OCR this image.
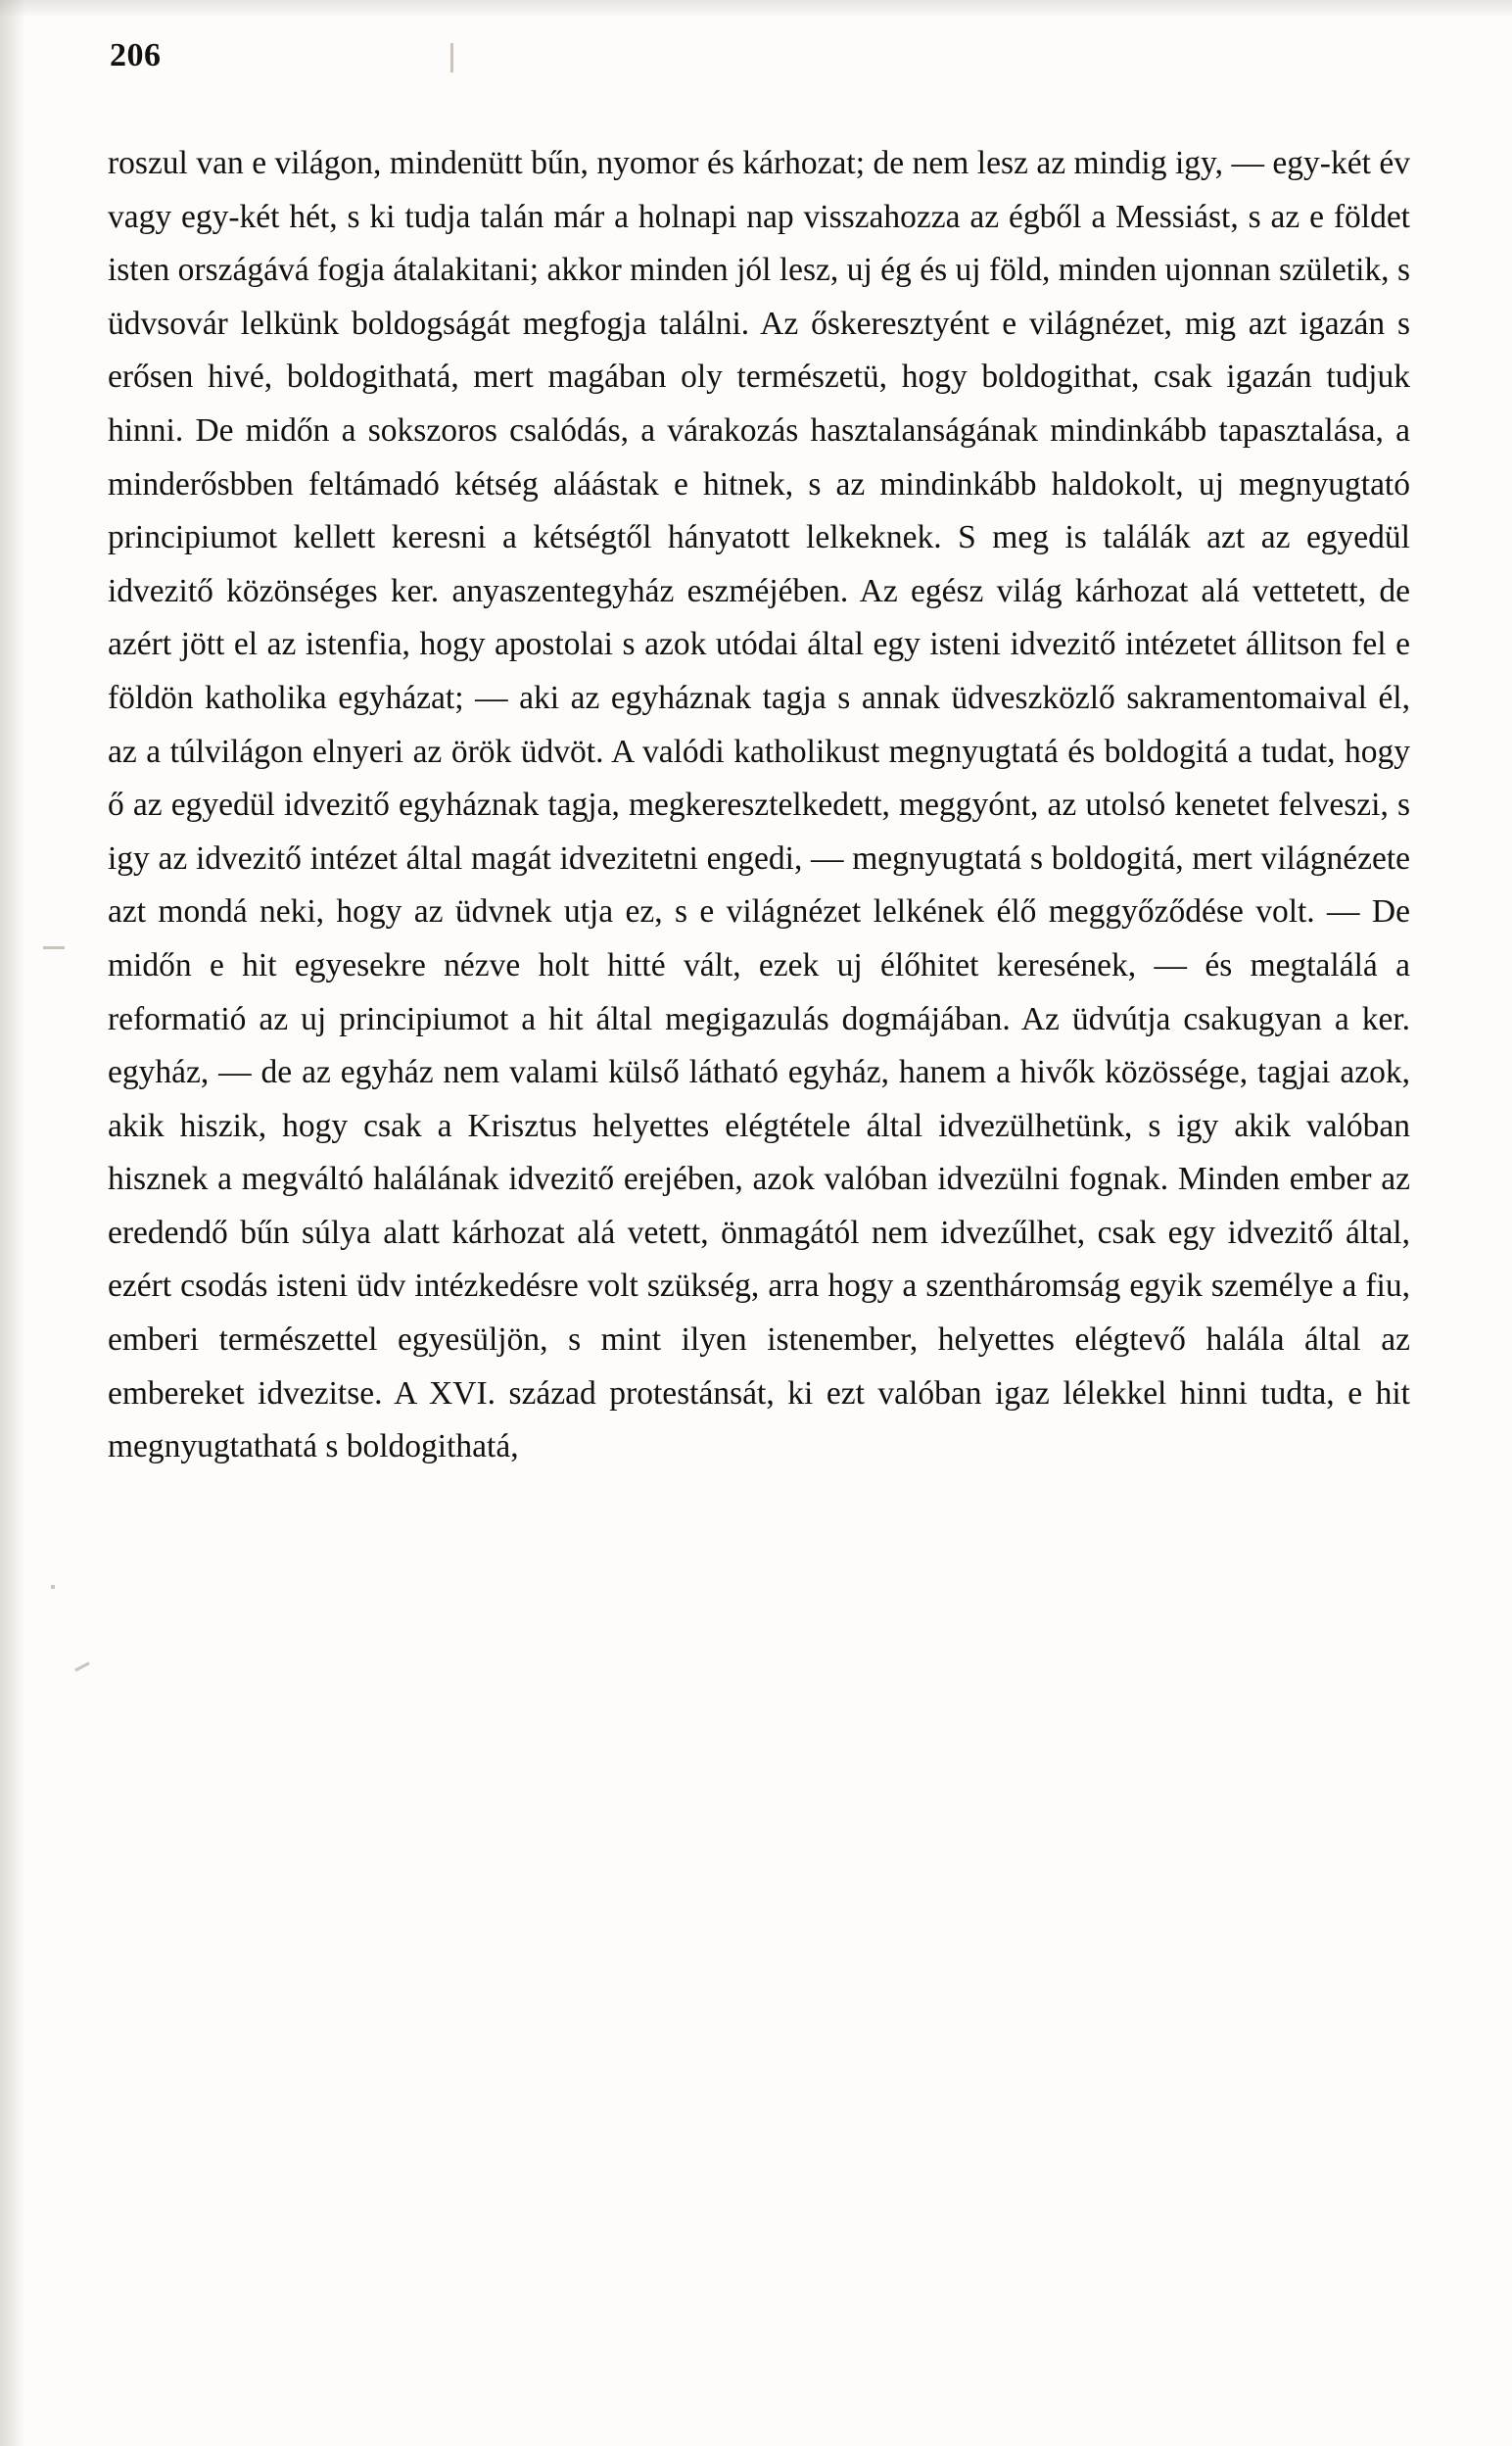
206

roszul van e világon, mindenütt bűn, nyomor és kárhozat; de nem lesz az mindig igy, — egy-két év vagy egy-két hét, s ki tudja talán már a holnapi nap visszahozza az égből a Messiást, s az e földet isten országává fogja átalakitani; akkor minden jól lesz, uj ég és uj föld, minden ujonnan születik, s üdvsovár lelkünk boldogságát megfogja találni. Az őskeresztyént e világnézet, mig azt igazán s erősen hivé, boldogithatá, mert magában oly természetü, hogy boldogithat, csak igazán tudjuk hinni. De midőn a sokszoros csalódás, a várakozás hasztalanságának mindinkább tapasztalása, a minderősbben feltámadó kétség aláástak e hitnek, s az mindinkább haldokolt, uj megnyugtató principiumot kellett keresni a kétségtől hányatott lelkeknek. S meg is találák azt az egyedül idvezitő közönséges ker. anyaszentegyház eszméjében. Az egész világ kárhozat alá vettetett, de azért jött el az istenfia, hogy apostolai s azok utódai által egy isteni idvezitő intézetet állitson fel e földön katholika egyházat; — aki az egyháznak tagja s annak üdveszközlő sakramentomaival él, az a túlvilágon elnyeri az örök üdvöt. A valódi katholikust megnyugtatá és boldogitá a tudat, hogy ő az egyedül idvezitő egyháznak tagja, megkeresztelkedett, meggyónt, az utolsó kenetet felveszi, s igy az idvezitő intézet által magát idvezitetni engedi, — megnyugtatá s boldogitá, mert világnézete azt mondá neki, hogy az üdvnek utja ez, s e világnézet lelkének élő meggyőződése volt. — De midőn e hit egyesekre nézve holt hitté vált, ezek uj élőhitet keresének, — és megtalálá a reformatió az uj principiumot a hit által megigazulás dogmájában. Az üdvútja csakugyan a ker. egyház, — de az egyház nem valami külső látható egyház, hanem a hivők közössége, tagjai azok, akik hiszik, hogy csak a Krisztus helyettes elégtétele által idvezülhetünk, s igy akik valóban hisznek a megváltó halálának idvezitő erejében, azok valóban idvezülni fognak. Minden ember az eredendő bűn súlya alatt kárhozat alá vetett, önmagától nem idvezűlhet, csak egy idvezitő által, ezért csodás isteni üdv intézkedésre volt szükség, arra hogy a szentháromság egyik személye a fiu, emberi természettel egyesüljön, s mint ilyen istenember, helyettes elégtevő halála által az embereket idvezitse. A XVI. század protestánsát, ki ezt valóban igaz lélekkel hinni tudta, e hit megnyugtathatá s boldogithatá,
